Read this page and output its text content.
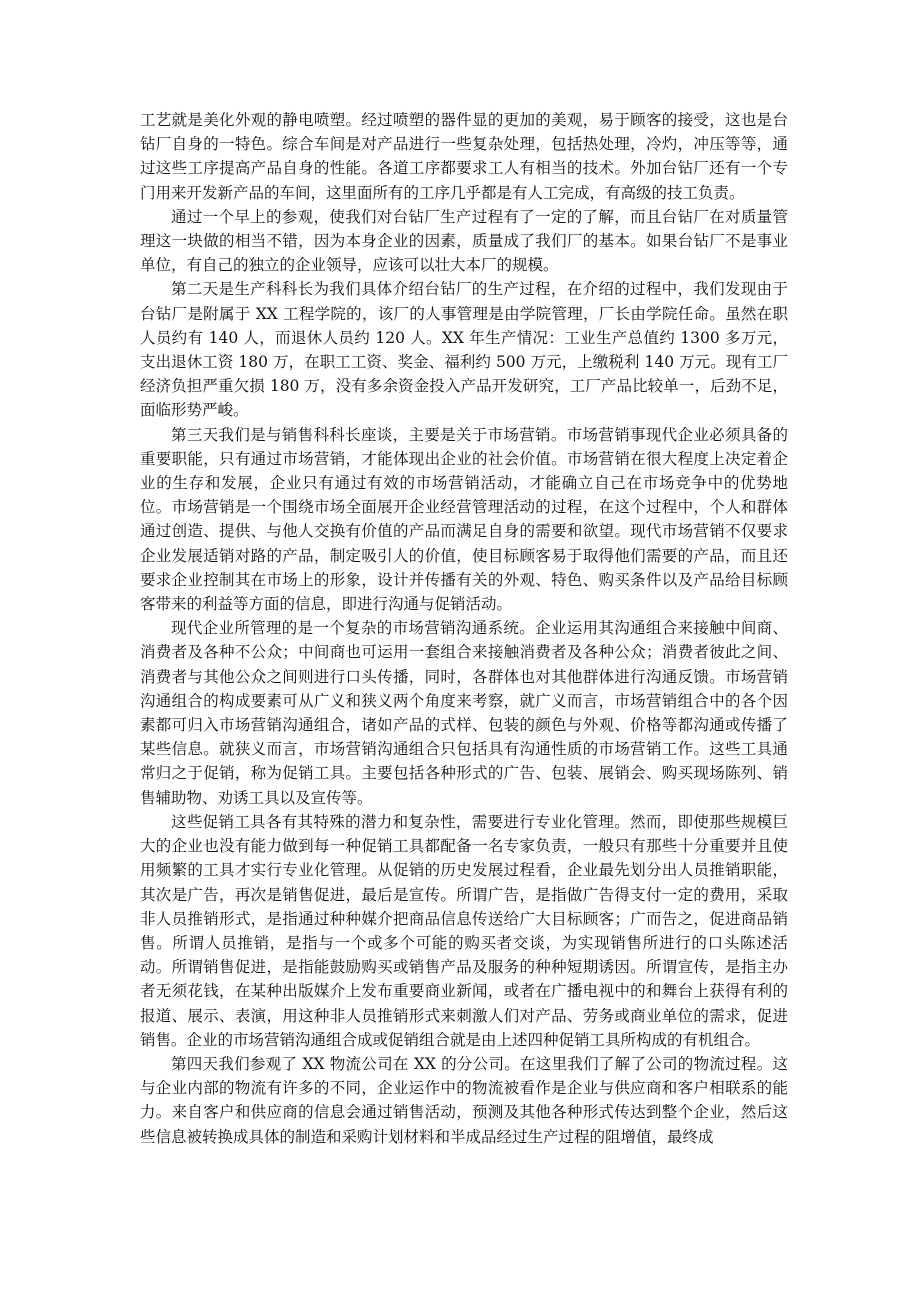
工艺就是美化外观的静电喷塑。经过喷塑的器件显的更加的美观，易于顾客的接受，这也是台钻厂自身的一特色。综合车间是对产品进行一些复杂处理，包括热处理，冷灼，冲压等等，通过这些工序提高产品自身的性能。各道工序都要求工人有相当的技术。外加台钻厂还有一个专门用来开发新产品的车间，这里面所有的工序几乎都是有人工完成，有高级的技工负责。

通过一个早上的参观，使我们对台钻厂生产过程有了一定的了解，而且台钻厂在对质量管理这一块做的相当不错，因为本身企业的因素，质量成了我们厂的基本。如果台钻厂不是事业单位，有自己的独立的企业领导，应该可以壮大本厂的规模。

第二天是生产科科长为我们具体介绍台钻厂的生产过程，在介绍的过程中，我们发现由于台钻厂是附属于 XX 工程学院的，该厂的人事管理是由学院管理，厂长由学院任命。虽然在职人员约有 140 人，而退休人员约 120 人。XX 年生产情况：工业生产总值约 1300 多万元，支出退休工资 180 万，在职工工资、奖金、福利约 500 万元，上缴税利 140 万元。现有工厂经济负担严重欠损 180 万，没有多余资金投入产品开发研究，工厂产品比较单一，后劲不足，面临形势严峻。

第三天我们是与销售科科长座谈，主要是关于市场营销。市场营销事现代企业必须具备的重要职能，只有通过市场营销，才能体现出企业的社会价值。市场营销在很大程度上决定着企业的生存和发展，企业只有通过有效的市场营销活动，才能确立自己在市场竞争中的优势地位。市场营销是一个围绕市场全面展开企业经营管理活动的过程，在这个过程中，个人和群体通过创造、提供、与他人交换有价值的产品而满足自身的需要和欲望。现代市场营销不仅要求企业发展适销对路的产品，制定吸引人的价值，使目标顾客易于取得他们需要的产品，而且还要求企业控制其在市场上的形象，设计并传播有关的外观、特色、购买条件以及产品给目标顾客带来的利益等方面的信息，即进行沟通与促销活动。

现代企业所管理的是一个复杂的市场营销沟通系统。企业运用其沟通组合来接触中间商、消费者及各种不公众；中间商也可运用一套组合来接触消费者及各种公众；消费者彼此之间、消费者与其他公众之间则进行口头传播，同时，各群体也对其他群体进行沟通反馈。市场营销沟通组合的构成要素可从广义和狭义两个角度来考察，就广义而言，市场营销组合中的各个因素都可归入市场营销沟通组合，诸如产品的式样、包装的颜色与外观、价格等都沟通或传播了某些信息。就狭义而言，市场营销沟通组合只包括具有沟通性质的市场营销工作。这些工具通常归之于促销，称为促销工具。主要包括各种形式的广告、包装、展销会、购买现场陈列、销售辅助物、劝诱工具以及宣传等。

这些促销工具各有其特殊的潜力和复杂性，需要进行专业化管理。然而，即使那些规模巨大的企业也没有能力做到每一种促销工具都配备一名专家负责，一般只有那些十分重要并且使用频繁的工具才实行专业化管理。从促销的历史发展过程看，企业最先划分出人员推销职能，其次是广告，再次是销售促进，最后是宣传。所谓广告，是指做广告得支付一定的费用，采取非人员推销形式，是指通过种种媒介把商品信息传送给广大目标顾客；广而告之，促进商品销售。所谓人员推销，是指与一个或多个可能的购买者交谈，为实现销售所进行的口头陈述活动。所谓销售促进，是指能鼓励购买或销售产品及服务的种种短期诱因。所谓宣传，是指主办者无须花钱，在某种出版媒介上发布重要商业新闻，或者在广播电视中的和舞台上获得有利的报道、展示、表演，用这种非人员推销形式来刺激人们对产品、劳务或商业单位的需求，促进销售。企业的市场营销沟通组合成或促销组合就是由上述四种促销工具所构成的有机组合。

第四天我们参观了 XX 物流公司在 XX 的分公司。在这里我们了解了公司的物流过程。这与企业内部的物流有许多的不同，企业运作中的物流被看作是企业与供应商和客户相联系的能力。来自客户和供应商的信息会通过销售活动，预测及其他各种形式传达到整个企业，然后这些信息被转换成具体的制造和采购计划材料和半成品经过生产过程的阻增值，最终成
